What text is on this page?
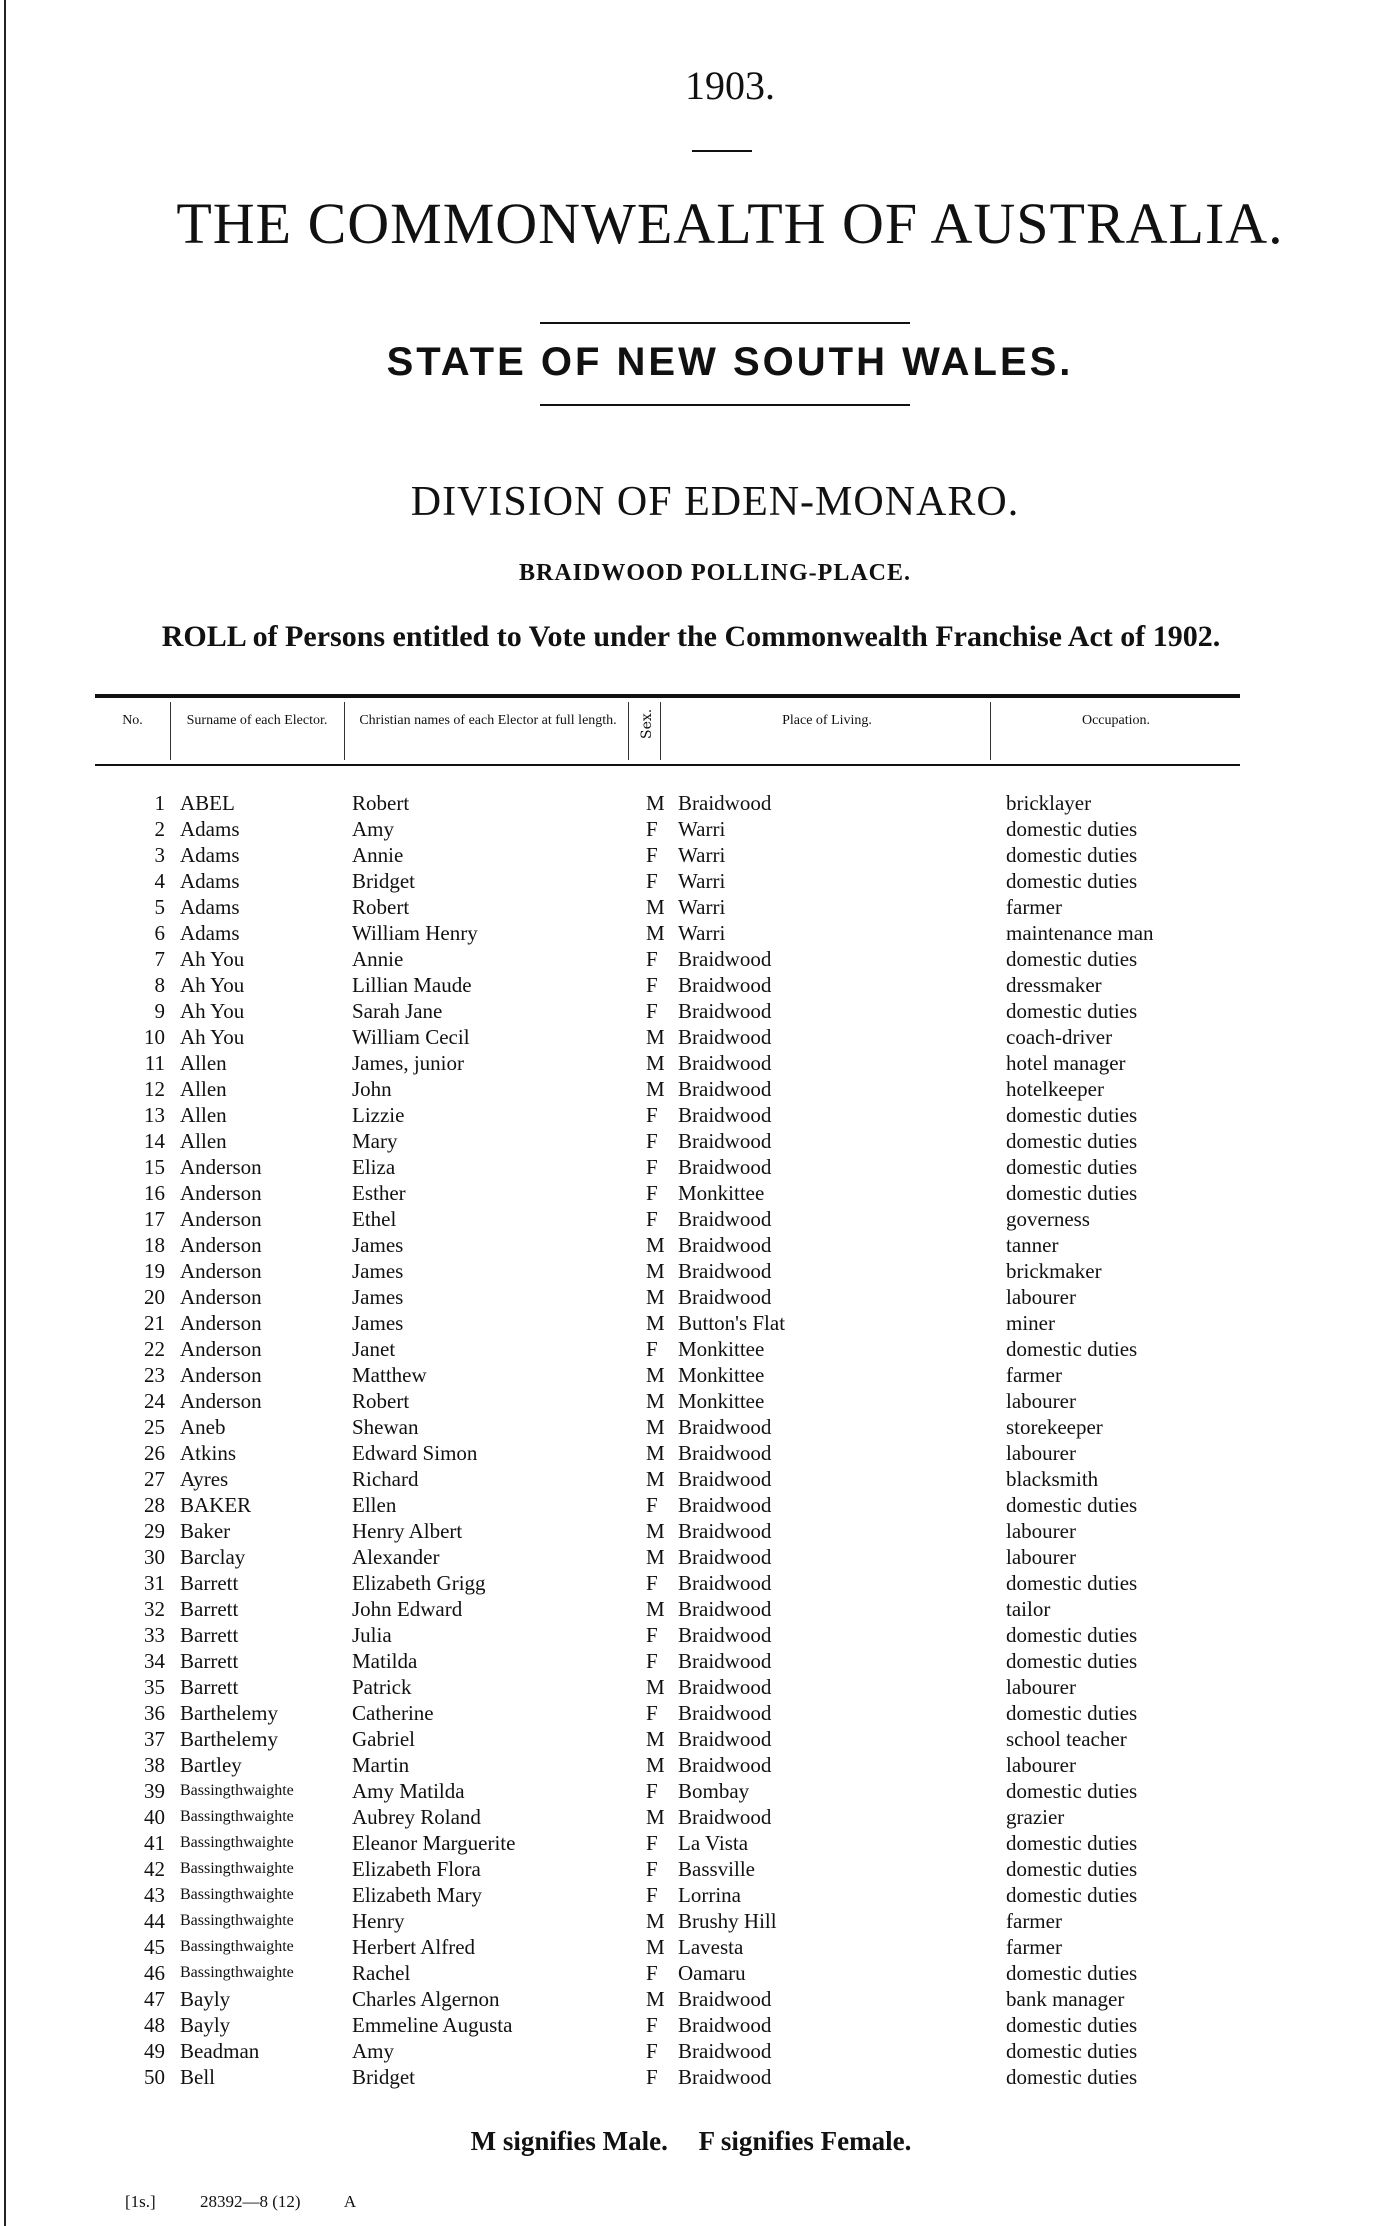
1903.
THE COMMONWEALTH OF AUSTRALIA.
STATE OF NEW SOUTH WALES.
DIVISION OF EDEN-MONARO.
BRAIDWOOD POLLING-PLACE.
ROLL of Persons entitled to Vote under the Commonwealth Franchise Act of 1902.
No.	Surname of each Elector.	Christian names of each Elector at full length.	Sex.	Place of Living.	Occupation.
1 ABEL	Robert	M Braidwood	bricklayer
2 Adams	Amy	F Warri	domestic duties
3 Adams	Annie	F Warri	domestic duties
4 Adams	Bridget	F Warri	domestic duties
5 Adams	Robert	M Warri	farmer
6 Adams	William Henry	M Warri	maintenance man
7 Ah You	Annie	F Braidwood	domestic duties
8 Ah You	Lillian Maude	F Braidwood	dressmaker
9 Ah You	Sarah Jane	F Braidwood	domestic duties
10 Ah You	William Cecil	M Braidwood	coach-driver
11 Allen	James, junior	M Braidwood	hotel manager
12 Allen	John	M Braidwood	hotelkeeper
13 Allen	Lizzie	F Braidwood	domestic duties
14 Allen	Mary	F Braidwood	domestic duties
15 Anderson	Eliza	F Braidwood	domestic duties
16 Anderson	Esther	F Monkittee	domestic duties
17 Anderson	Ethel	F Braidwood	governess
18 Anderson	James	M Braidwood	tanner
19 Anderson	James	M Braidwood	brickmaker
20 Anderson	James	M Braidwood	labourer
21 Anderson	James	M Button's Flat	miner
22 Anderson	Janet	F Monkittee	domestic duties
23 Anderson	Matthew	M Monkittee	farmer
24 Anderson	Robert	M Monkittee	labourer
25 Aneb	Shewan	M Braidwood	storekeeper
26 Atkins	Edward Simon	M Braidwood	labourer
27 Ayres	Richard	M Braidwood	blacksmith
28 BAKER	Ellen	F Braidwood	domestic duties
29 Baker	Henry Albert	M Braidwood	labourer
30 Barclay	Alexander	M Braidwood	labourer
31 Barrett	Elizabeth Grigg	F Braidwood	domestic duties
32 Barrett	John Edward	M Braidwood	tailor
33 Barrett	Julia	F Braidwood	domestic duties
34 Barrett	Matilda	F Braidwood	domestic duties
35 Barrett	Patrick	M Braidwood	labourer
36 Barthelemy	Catherine	F Braidwood	domestic duties
37 Barthelemy	Gabriel	M Braidwood	school teacher
38 Bartley	Martin	M Braidwood	labourer
39 Bassingthwaighte	Amy Matilda	F Bombay	domestic duties
40 Bassingthwaighte	Aubrey Roland	M Braidwood	grazier
41 Bassingthwaighte	Eleanor Marguerite	F La Vista	domestic duties
42 Bassingthwaighte	Elizabeth Flora	F Bassville	domestic duties
43 Bassingthwaighte	Elizabeth Mary	F Lorrina	domestic duties
44 Bassingthwaighte	Henry	M Brushy Hill	farmer
45 Bassingthwaighte	Herbert Alfred	M Lavesta	farmer
46 Bassingthwaighte	Rachel	F Oamaru	domestic duties
47 Bayly	Charles Algernon	M Braidwood	bank manager
48 Bayly	Emmeline Augusta	F Braidwood	domestic duties
49 Beadman	Amy	F Braidwood	domestic duties
50 Bell	Bridget	F Braidwood	domestic duties
M signifies Male. F signifies Female.
[1s.]	28392—8 (12)	A
